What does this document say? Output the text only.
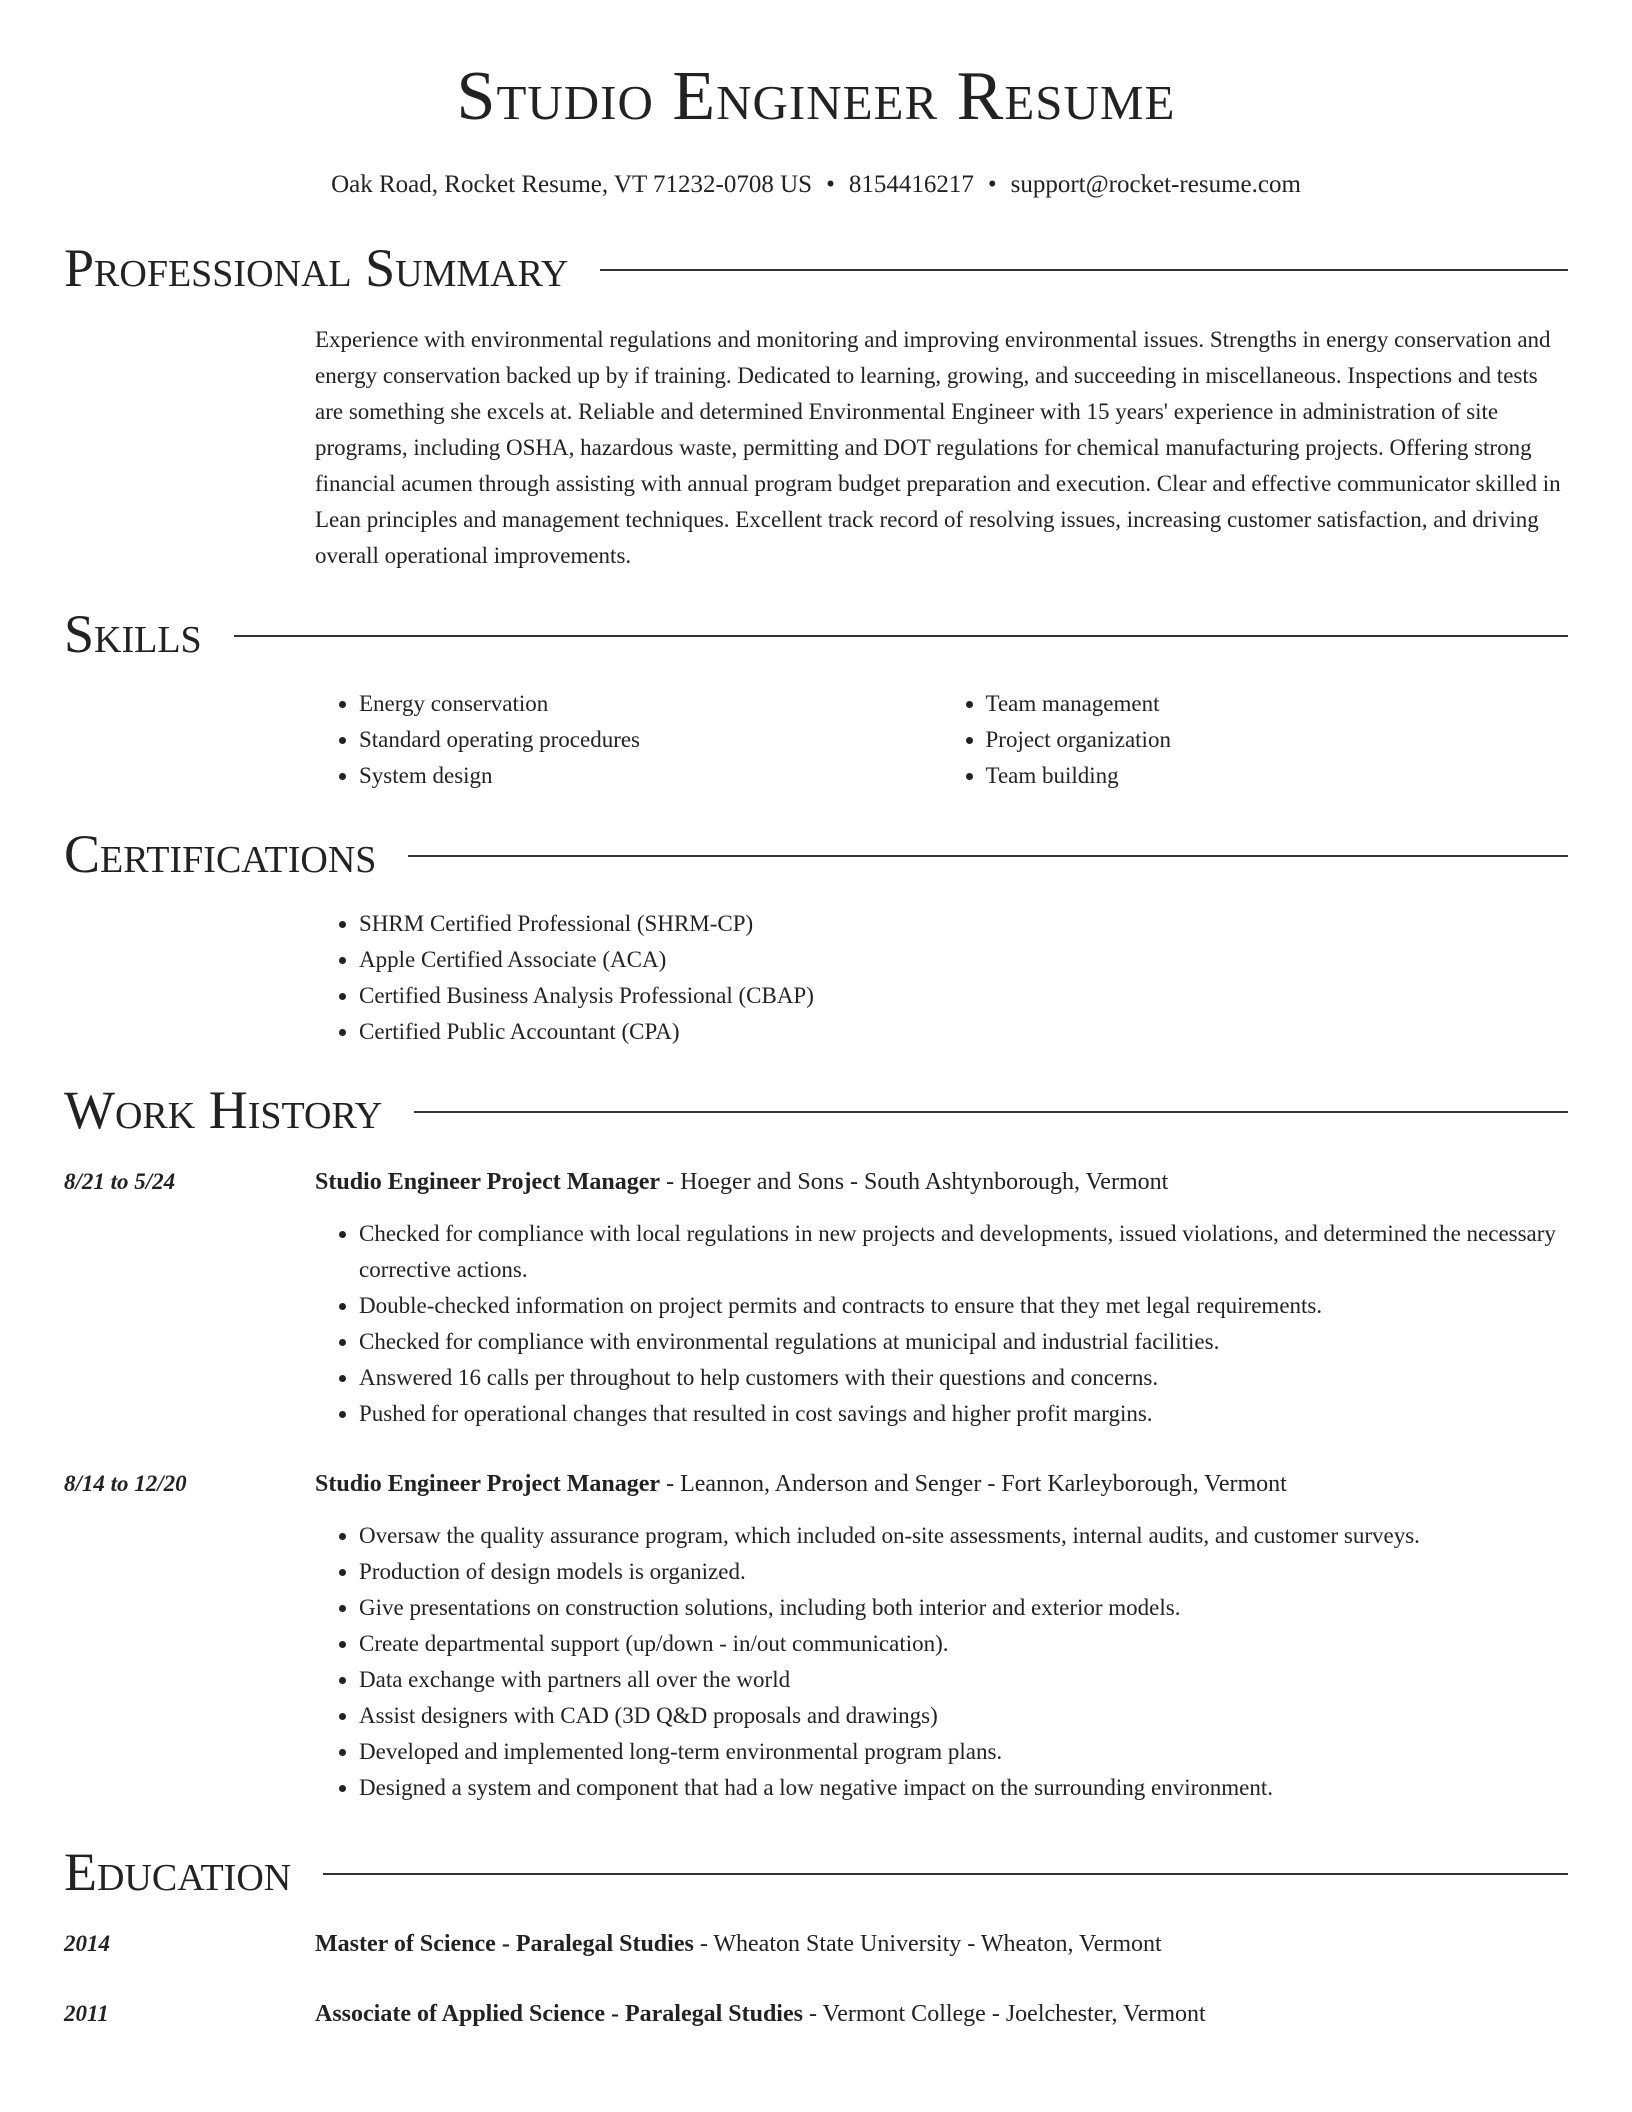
Studio Engineer Resume
Oak Road, Rocket Resume, VT 71232-0708 US • 8154416217 • support@rocket-resume.com
Professional Summary
Experience with environmental regulations and monitoring and improving environmental issues. Strengths in energy conservation and energy conservation backed up by if training. Dedicated to learning, growing, and succeeding in miscellaneous. Inspections and tests are something she excels at. Reliable and determined Environmental Engineer with 15 years' experience in administration of site programs, including OSHA, hazardous waste, permitting and DOT regulations for chemical manufacturing projects. Offering strong financial acumen through assisting with annual program budget preparation and execution. Clear and effective communicator skilled in Lean principles and management techniques. Excellent track record of resolving issues, increasing customer satisfaction, and driving overall operational improvements.
Skills
• Energy conservation
• Standard operating procedures
• System design
• Team management
• Project organization
• Team building
Certifications
• SHRM Certified Professional (SHRM-CP)
• Apple Certified Associate (ACA)
• Certified Business Analysis Professional (CBAP)
• Certified Public Accountant (CPA)
Work History
8/21 to 5/24	Studio Engineer Project Manager - Hoeger and Sons - South Ashtynborough, Vermont
• Checked for compliance with local regulations in new projects and developments, issued violations, and determined the necessary corrective actions.
• Double-checked information on project permits and contracts to ensure that they met legal requirements.
• Checked for compliance with environmental regulations at municipal and industrial facilities.
• Answered 16 calls per throughout to help customers with their questions and concerns.
• Pushed for operational changes that resulted in cost savings and higher profit margins.
8/14 to 12/20	Studio Engineer Project Manager - Leannon, Anderson and Senger - Fort Karleyborough, Vermont
• Oversaw the quality assurance program, which included on-site assessments, internal audits, and customer surveys.
• Production of design models is organized.
• Give presentations on construction solutions, including both interior and exterior models.
• Create departmental support (up/down - in/out communication).
• Data exchange with partners all over the world
• Assist designers with CAD (3D Q&D proposals and drawings)
• Developed and implemented long-term environmental program plans.
• Designed a system and component that had a low negative impact on the surrounding environment.
Education
2014	Master of Science - Paralegal Studies - Wheaton State University - Wheaton, Vermont
2011	Associate of Applied Science - Paralegal Studies - Vermont College - Joelchester, Vermont
